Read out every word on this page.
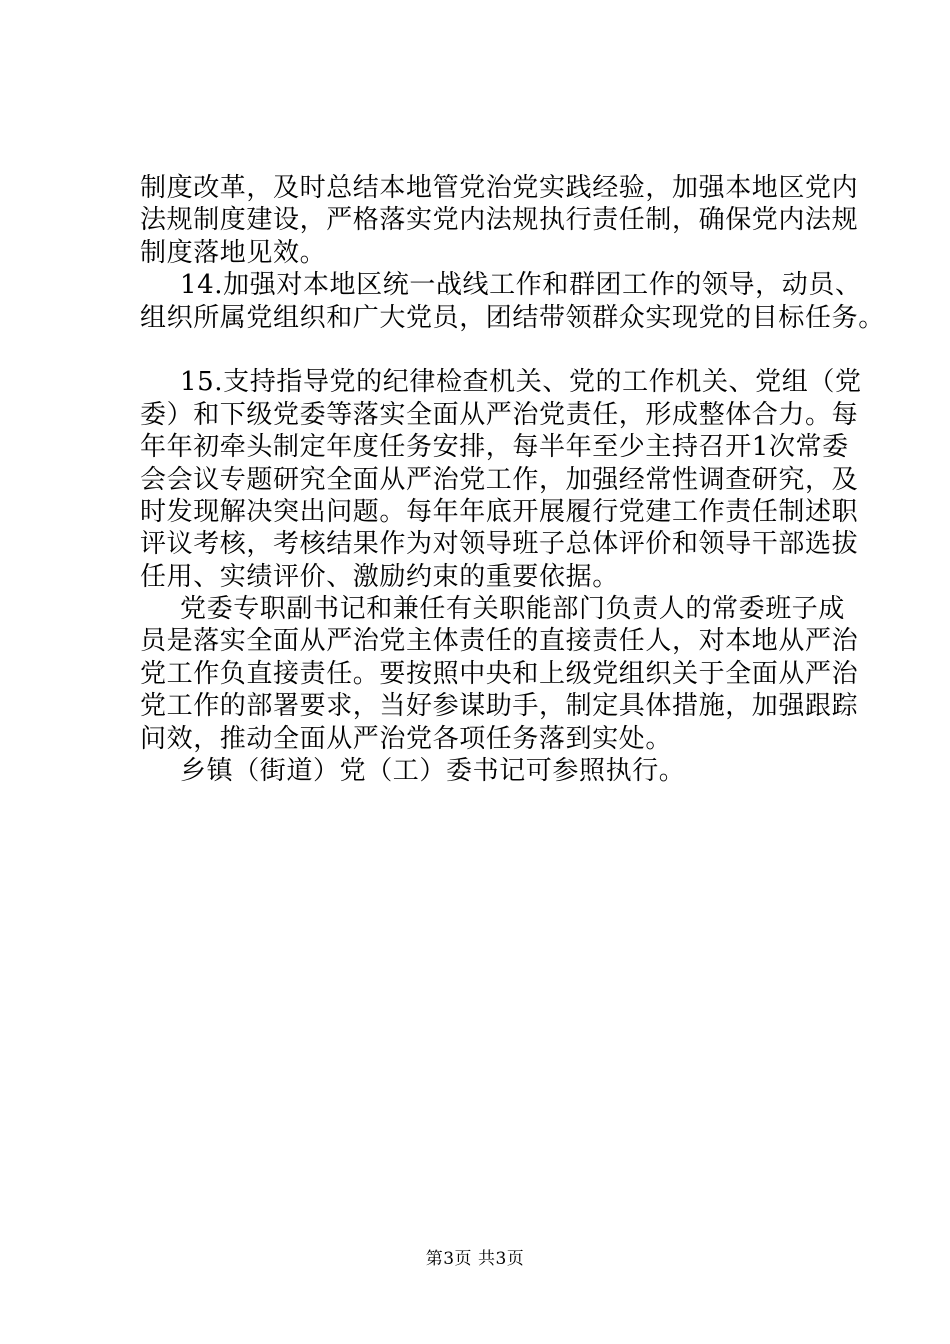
制度改革，及时总结本地管党治党实践经验，加强本地区党内
法规制度建设，严格落实党内法规执行责任制，确保党内法规
制度落地见效。
14.加强对本地区统一战线工作和群团工作的领导，动员、
组织所属党组织和广大党员，团结带领群众实现党的目标任务。
15.支持指导党的纪律检查机关、党的工作机关、党组（党
委）和下级党委等落实全面从严治党责任，形成整体合力。每
年年初牵头制定年度任务安排，每半年至少主持召开1次常委
会会议专题研究全面从严治党工作，加强经常性调查研究，及
时发现解决突出问题。每年年底开展履行党建工作责任制述职
评议考核，考核结果作为对领导班子总体评价和领导干部选拔
任用、实绩评价、激励约束的重要依据。
党委专职副书记和兼任有关职能部门负责人的常委班子成
员是落实全面从严治党主体责任的直接责任人，对本地从严治
党工作负直接责任。要按照中央和上级党组织关于全面从严治
党工作的部署要求，当好参谋助手，制定具体措施，加强跟踪
问效，推动全面从严治党各项任务落到实处。
乡镇（街道）党（工）委书记可参照执行。
第3页 共3页
